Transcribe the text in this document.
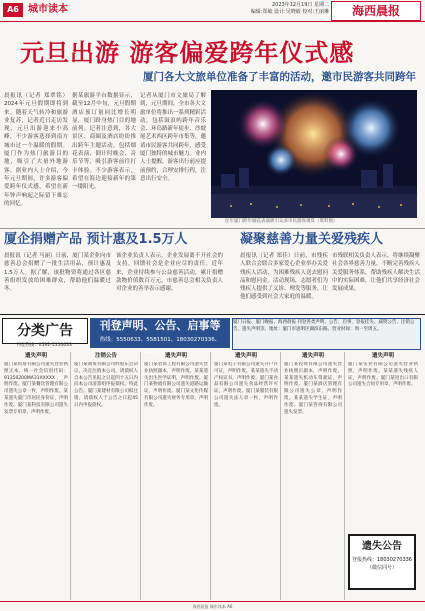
A6 城市读本	2023年12月19日 星期二
编辑:郑敏 设计:吴晓敏 校对:王丽琳	海西晨报
元旦出游 游客偏爱跨年仪式感
厦门各大文旅单位准备了丰富的活动，邀市民游客共同跨年
晨报讯（记者 郑翠铭）2024年元旦假期即将到来。随着天气转冷和旅游业复苏，记者近日走访发现，元旦出游迎来小高峰，不少游客选择到南方城市过一个温暖的假期。厦门作为热门旅游目的地，吸引了大量外地游客。据业内人士介绍，今年元旦期间，许多游客偏爱跨年仪式感，希望在新年钟声响起之际留下难忘的回忆。
据某旅游平台数据显示，截至12月中旬，元旦假期酒店预订量同比增长明显，厦门跻身热门目的地前列。记者注意到，各大景区、商圈及酒店纷纷推出跨年主题活动，包括烟花表演、倒计时晚会、音乐节等，吸引游客前往打卡体验。不少游客表示，希望在海边迎接新年的第一缕阳光。
记者从厦门市文旅局了解到，元旦期间，全市各大文旅单位将推出一系列精彩活动，包括鼓浪屿跨年音乐会、环岛路新年徒步、沙坡尾艺术西区跨年市集等，邀请市民游客共同跨年，感受厦门独特的城市魅力。业内人士提醒，游客出行前应提前预约，合理安排行程，注意出行安全。
往年厦门跨年烟花表演吸引众多市民游客观赏（资料图）
厦企捐赠产品 预计惠及1.5万人
晨报讯（记者 马丽）日前，厦门某企业向市慈善总会捐赠了一批生活用品，预计惠及1.5万人。据了解，该批物资将通过各区慈善组织发放给困难群众，帮助他们温暖过冬。
该企业负责人表示，企业发展离不开社会的支持，回馈社会是企业应尽的责任。近年来，企业持续参与公益慈善活动，累计捐赠款物价值数百万元。市慈善总会相关负责人对企业的善举表示感谢。
凝聚慈善力量关爱残疾人
晨报讯（记者 郑佳）日前，市残疾人联合会联合多家爱心企业举办关爱残疾人活动，为困难残疾人送去慰问品和慰问金。活动现场，志愿者们为残疾人提供了义诊、理发等服务，让他们感受到社会大家庭的温暖。
市残联相关负责人表示，将继续凝聚社会各界慈善力量，不断完善残疾人关爱服务体系，帮助残疾人解决生活中的实际困难，让他们共享经济社会发展成果。
分类广告
刊登热线：0592-5550633
刊登声明、公告、启事等
热线：5550633、5581501、18030270336、0229058009
厦门日报、厦门晚报、海西晨报 刊登各类声明、公告、启事，登报挂失、减资公告、注销公告、遗失声明等。地址：厦门市思明区湖滨东路。营业时间：周一至周五。
遗失声明
厦门某贸易有限公司遗失营业执照正本，统一社会信用代码：91350200MA31XXXXX，声明作废。厦门某餐饮管理有限公司遗失公章一枚，声明作废。某某遗失厦门市居民身份证，声明作废。厦门某科技有限公司遗失发票专用章，声明作废。
注销公告
厦门某商贸有限公司经股东会决议，决定注销本公司，请债权人自本公告见报之日起四十五日内向本公司清算组申报债权。特此公告。厦门某建材有限公司拟注销，请债权人于公告之日起45日内申报债权。
遗失声明
厦门某装饰工程有限公司遗失营业执照副本，声明作废。某某遗失出生医学证明，声明作废。厦门某物流有限公司遗失道路运输证，声明作废。厦门某文化传媒有限公司遗失财务专用章，声明作废。
遗失声明
厦门某电子有限公司遗失开户许可证，声明作废。某某遗失不动产权证书，声明作废。厦门某食品有限公司遗失食品经营许可证，声明作废。厦门某服装有限公司遗失法人章一枚，声明作废。
遗失声明
厦门某投资有限公司遗失营业执照正副本，声明作废。某某遗失机动车驾驶证，声明作废。厦门某酒店管理有限公司遗失公章，声明作废。某某遗失学生证，声明作废。厦门某咨询有限公司遗失发票。
遗失声明
厦门某实业有限公司遗失营业执照，声明作废。某某遗失残疾人证，声明作废。厦门某进出口有限公司遗失合同专用章，声明作废。
遗失公告
登报热线：18030270336（微信同号）
海西晨报 城市读本 A6
